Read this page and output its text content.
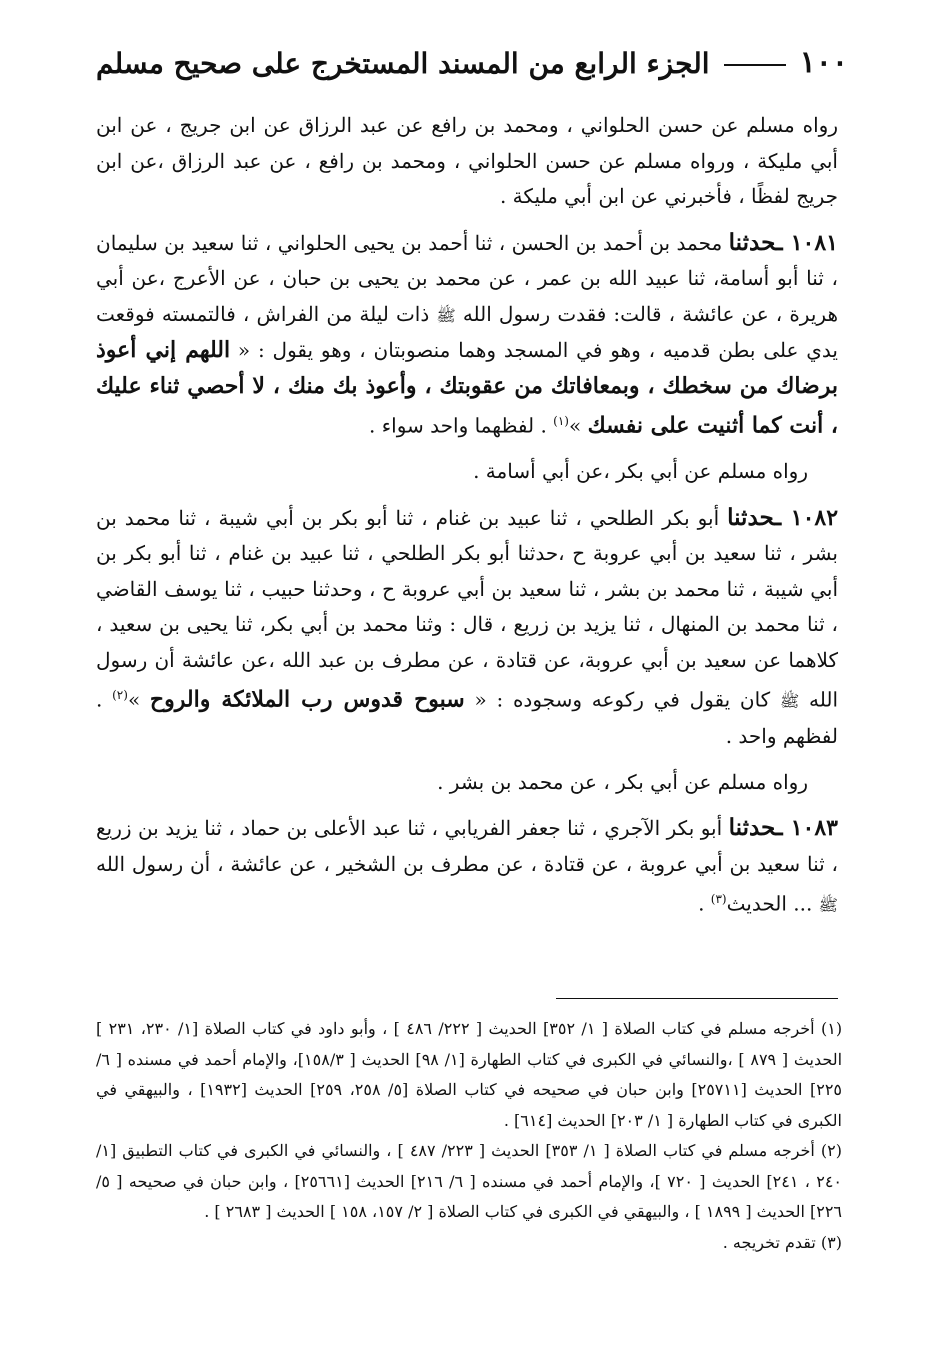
١٠٠
الجزء الرابع من المسند المستخرج على صحيح مسلم

رواه مسلم عن حسن الحلواني ، ومحمد بن رافع عن عبد الرزاق عن ابن جريج ، عن ابن أبي مليكة ، ورواه مسلم عن حسن الحلواني ، ومحمد بن رافع ، عن عبد الرزاق ،عن ابن جريج لفظًا ، فأخبرني عن ابن أبي مليكة .

١٠٨١ ـحدثنا محمد بن أحمد بن الحسن ، ثنا أحمد بن يحيى الحلواني ، ثنا سعيد بن سليمان ، ثنا أبو أسامة، ثنا عبيد الله بن عمر ، عن محمد بن يحيى بن حبان ، عن الأعرج ،عن أبي هريرة ، عن عائشة ، قالت: فقدت رسول الله ﷺ ذات ليلة من الفراش ، فالتمسته فوقعت يدي على بطن قدميه ، وهو في المسجد وهما منصوبتان ، وهو يقول : « اللهم إني أعوذ برضاك من سخطك ، وبمعافاتك من عقوبتك ، وأعوذ بك منك ، لا أحصي ثناء عليك ، أنت كما أثنيت على نفسك »$^{(١)}$ . لفظهما واحد سواء .

رواه مسلم عن أبي بكر ،عن أبي أسامة .

١٠٨٢ ـحدثنا أبو بكر الطلحي ، ثنا عبيد بن غنام ، ثنا أبو بكر بن أبي شيبة ، ثنا محمد بن بشر ، ثنا سعيد بن أبي عروبة ح ،حدثنا أبو بكر الطلحي ، ثنا عبيد بن غنام ، ثنا أبو بكر بن أبي شيبة ، ثنا محمد بن بشر ، ثنا سعيد بن أبي عروبة ح ، وحدثنا حبيب ، ثنا يوسف القاضي ، ثنا محمد بن المنهال ، ثنا يزيد بن زريع ، قال : وثنا محمد بن أبي بكر، ثنا يحيى بن سعيد ، كلاهما عن سعيد بن أبي عروبة، عن قتادة ، عن مطرف بن عبد الله ،عن عائشة أن رسول الله ﷺ كان يقول في ركوعه وسجوده : « سبوح قدوس رب الملائكة والروح »$^{(٢)}$ . لفظهم واحد .

رواه مسلم عن أبي بكر ، عن محمد بن بشر .

١٠٨٣ ـحدثنا أبو بكر الآجري ، ثنا جعفر الفريابي ، ثنا عبد الأعلى بن حماد ، ثنا يزيد بن زريع ، ثنا سعيد بن أبي عروبة ، عن قتادة ، عن مطرف بن الشخير ، عن عائشة ، أن رسول الله ﷺ ... الحديث$^{(٣)}$ .

(١) أخرجه مسلم في كتاب الصلاة [ ١/ ٣٥٢] الحديث [ ٢٢٢/ ٤٨٦ ] ، وأبو داود في كتاب الصلاة [١/ ٢٣٠، ٢٣١ ] الحديث [ ٨٧٩ ] ،والنسائي في الكبرى في كتاب الطهارة [١/ ٩٨] الحديث [ ١٥٨/٣]، والإمام أحمد في مسنده [ ٦/ ٢٢٥] الحديث [٢٥٧١١] وابن حبان في صحيحه في كتاب الصلاة [٥/ ٢٥٨، ٢٥٩] الحديث [١٩٣٢] ، والبيهقي في الكبرى في كتاب الطهارة [ ١/ ٢٠٣] الحديث [٦١٤] .

(٢) أخرجه مسلم في كتاب الصلاة [ ١/ ٣٥٣] الحديث [ ٢٢٣/ ٤٨٧ ] ، والنسائي في الكبرى في كتاب التطبيق [١/ ٢٤٠ ، ٢٤١] الحديث [ ٧٢٠ ]، والإمام أحمد في مسنده [ ٦/ ٢١٦] الحديث [٢٥٦٦١] ، وابن حبان في صحيحه [ ٥/ ٢٢٦] الحديث [ ١٨٩٩ ] ، والبيهقي في الكبرى في كتاب الصلاة [ ٢/ ١٥٧، ١٥٨ ] الحديث [ ٢٦٨٣ ] .

(٣) تقدم تخريجه .
